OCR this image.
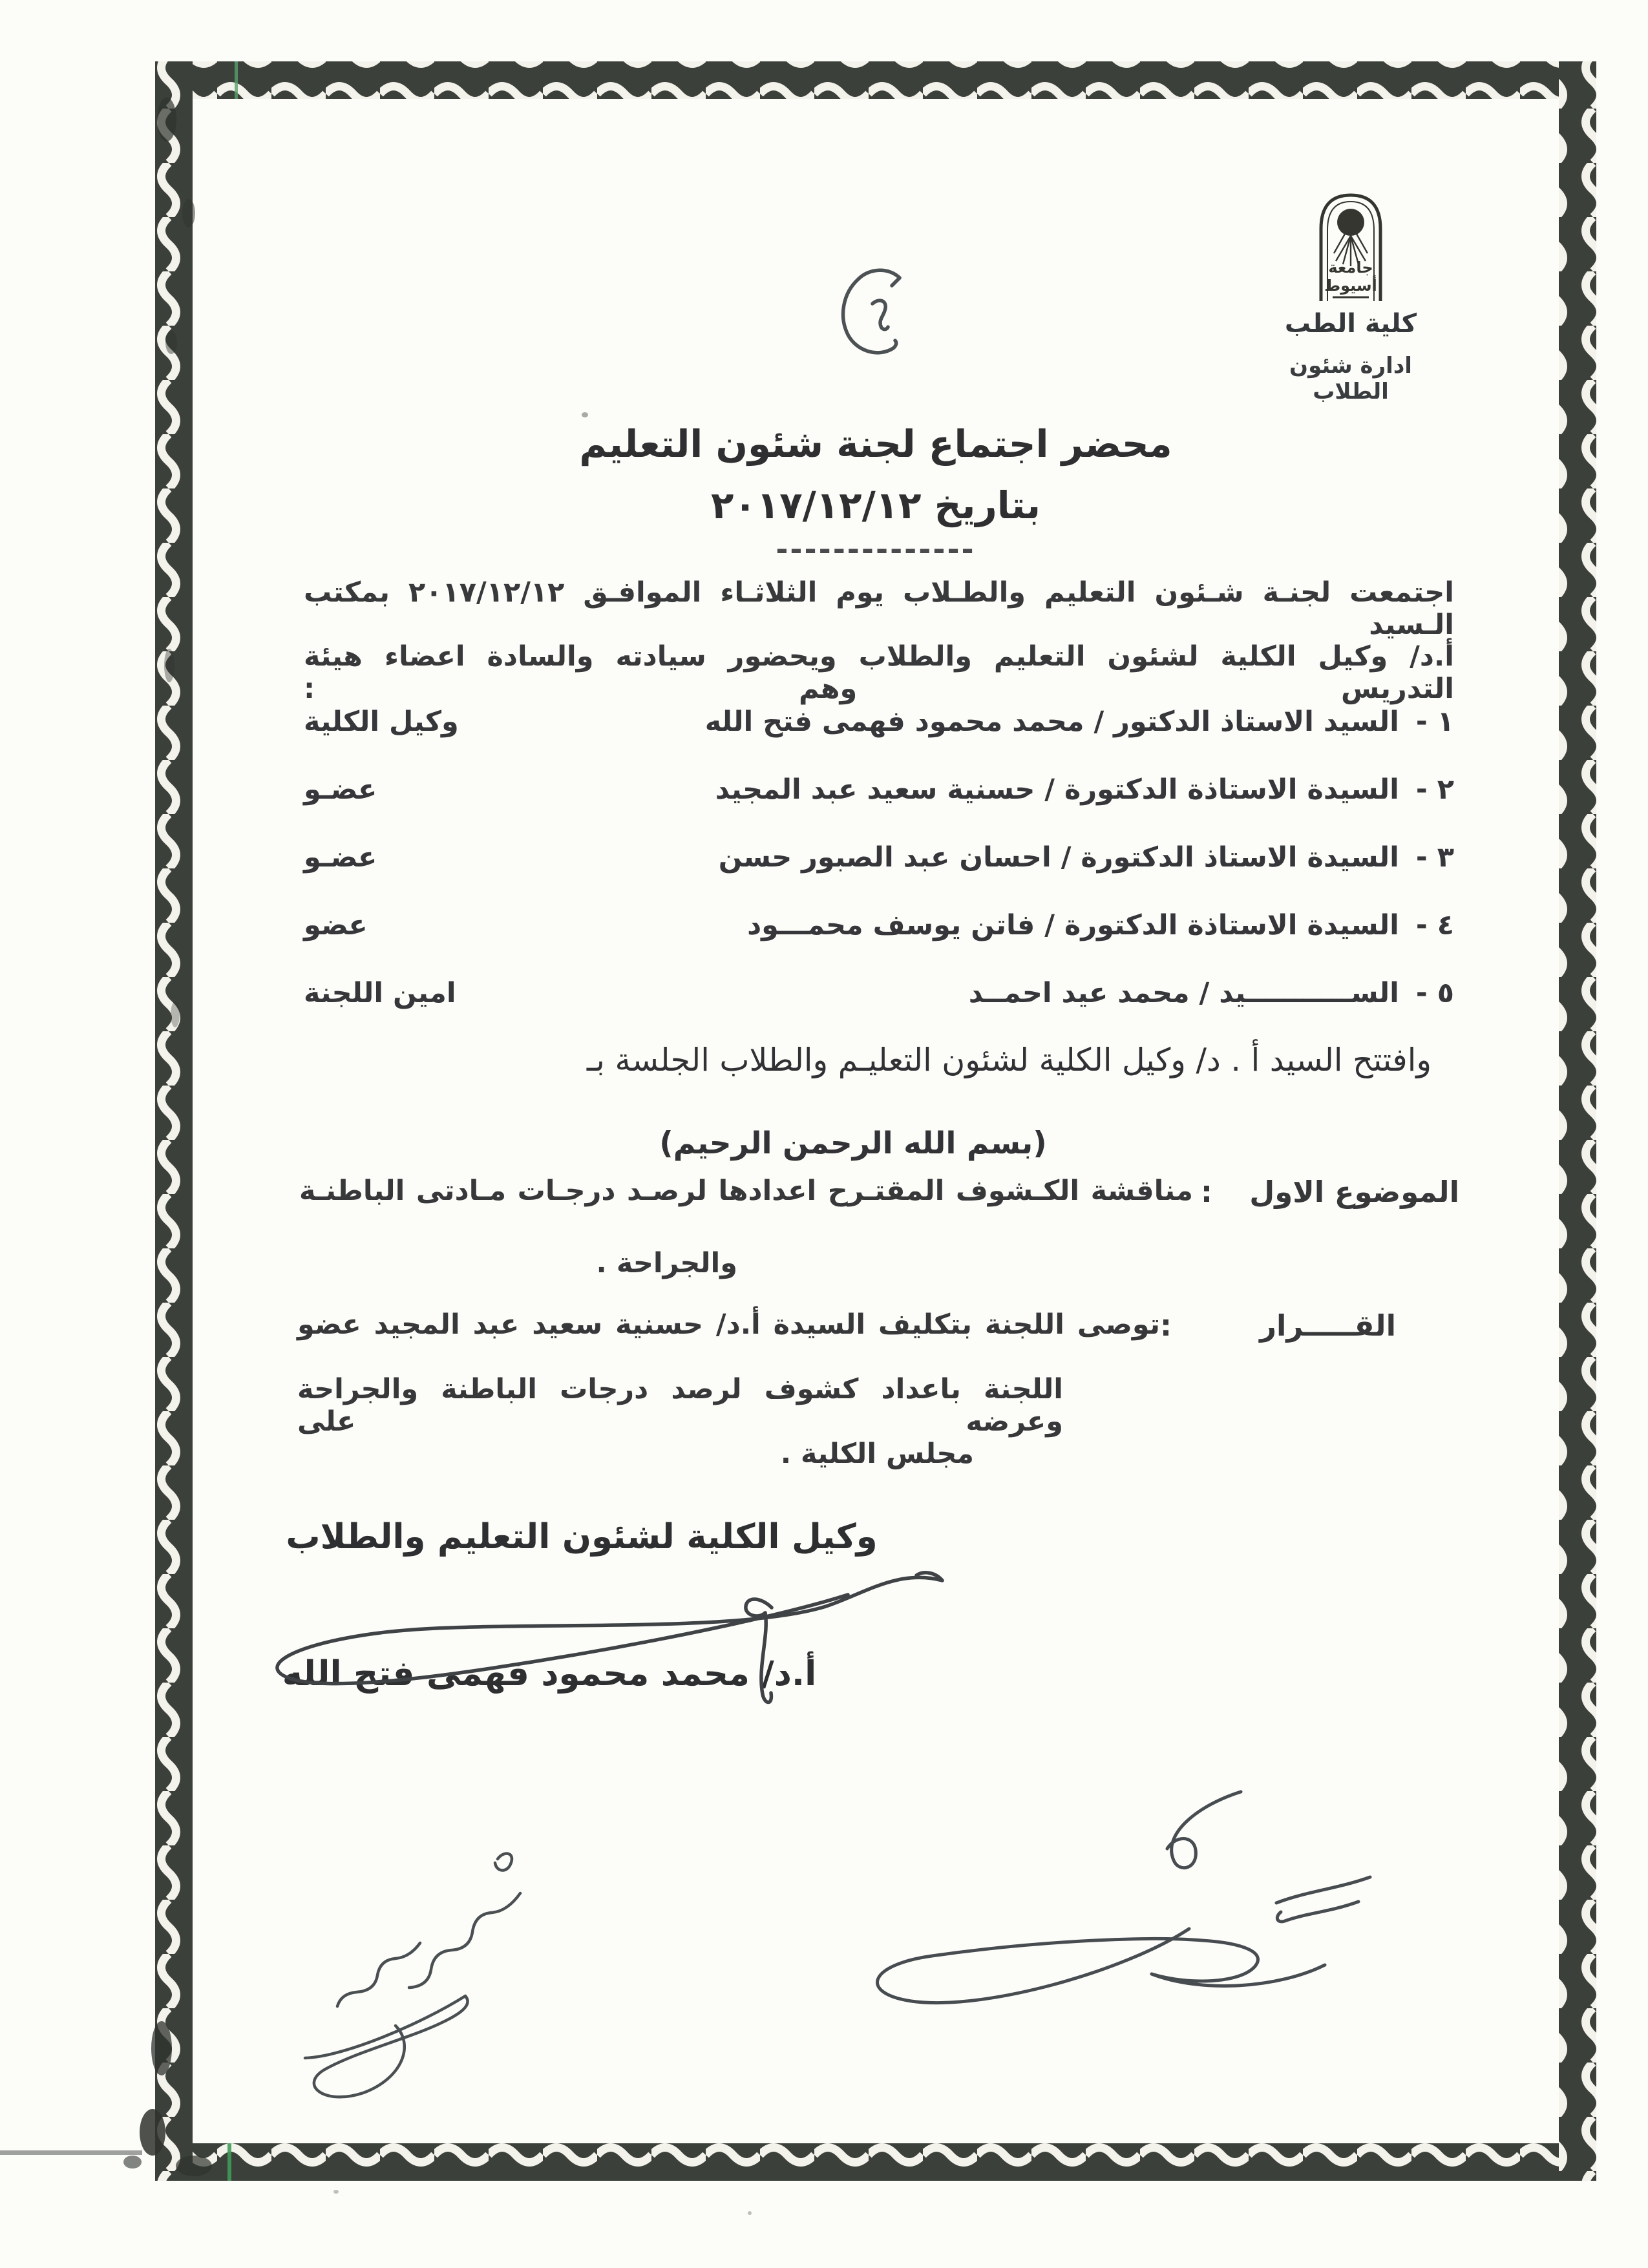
جامعة
أسيوط
كلية الطب
ادارة شئون الطلاب
محضر اجتماع لجنة شئون التعليم
بتاريخ ٢٠١٧/١٢/١٢
--------------
اجتمعت لجنـة شـئون التعليم والطـلاب يوم الثلاثـاء الموافـق ٢٠١٧/١٢/١٢ بمكتب الـسيد
أ.د/ وكيل الكلية لشئون التعليم والطلاب ويحضور سيادته والسادة اعضاء هيئة التدريس وهم :
١ -السيد الاستاذ الدكتور / محمد محمود فهمى فتح الله
وكيل الكلية
٢ -السيدة الاستاذة الدكتورة / حسنية سعيد عبد المجيد
عضـو
٣ -السيدة الاستاذ الدكتورة / احسان عبد الصبور حسن
عضـو
٤ -السيدة الاستاذة الدكتورة / فاتن يوسف محمـــود
عضو
٥ -الســـــــــــيد / محمد عيد احمــد
امين اللجنة
وافتتح السيد أ . د/ وكيل الكلية لشئون التعليـم والطلاب الجلسة بـ
(بسم الله الرحمن الرحيم)
الموضوع الاول
:
مناقشة الكـشوف المقتـرح اعدادها لرصـد درجـات مـادتى الباطنـة
والجراحة .
القـــــرار
:
توصى اللجنة بتكليف السيدة أ.د/ حسنية سعيد عبد المجيد عضو
اللجنة باعداد كشوف لرصد درجات الباطنة والجراحة وعرضه على
مجلس الكلية .
وكيل الكلية لشئون التعليم والطلاب
أ.د/ محمد محمود فهمى فتح الله
